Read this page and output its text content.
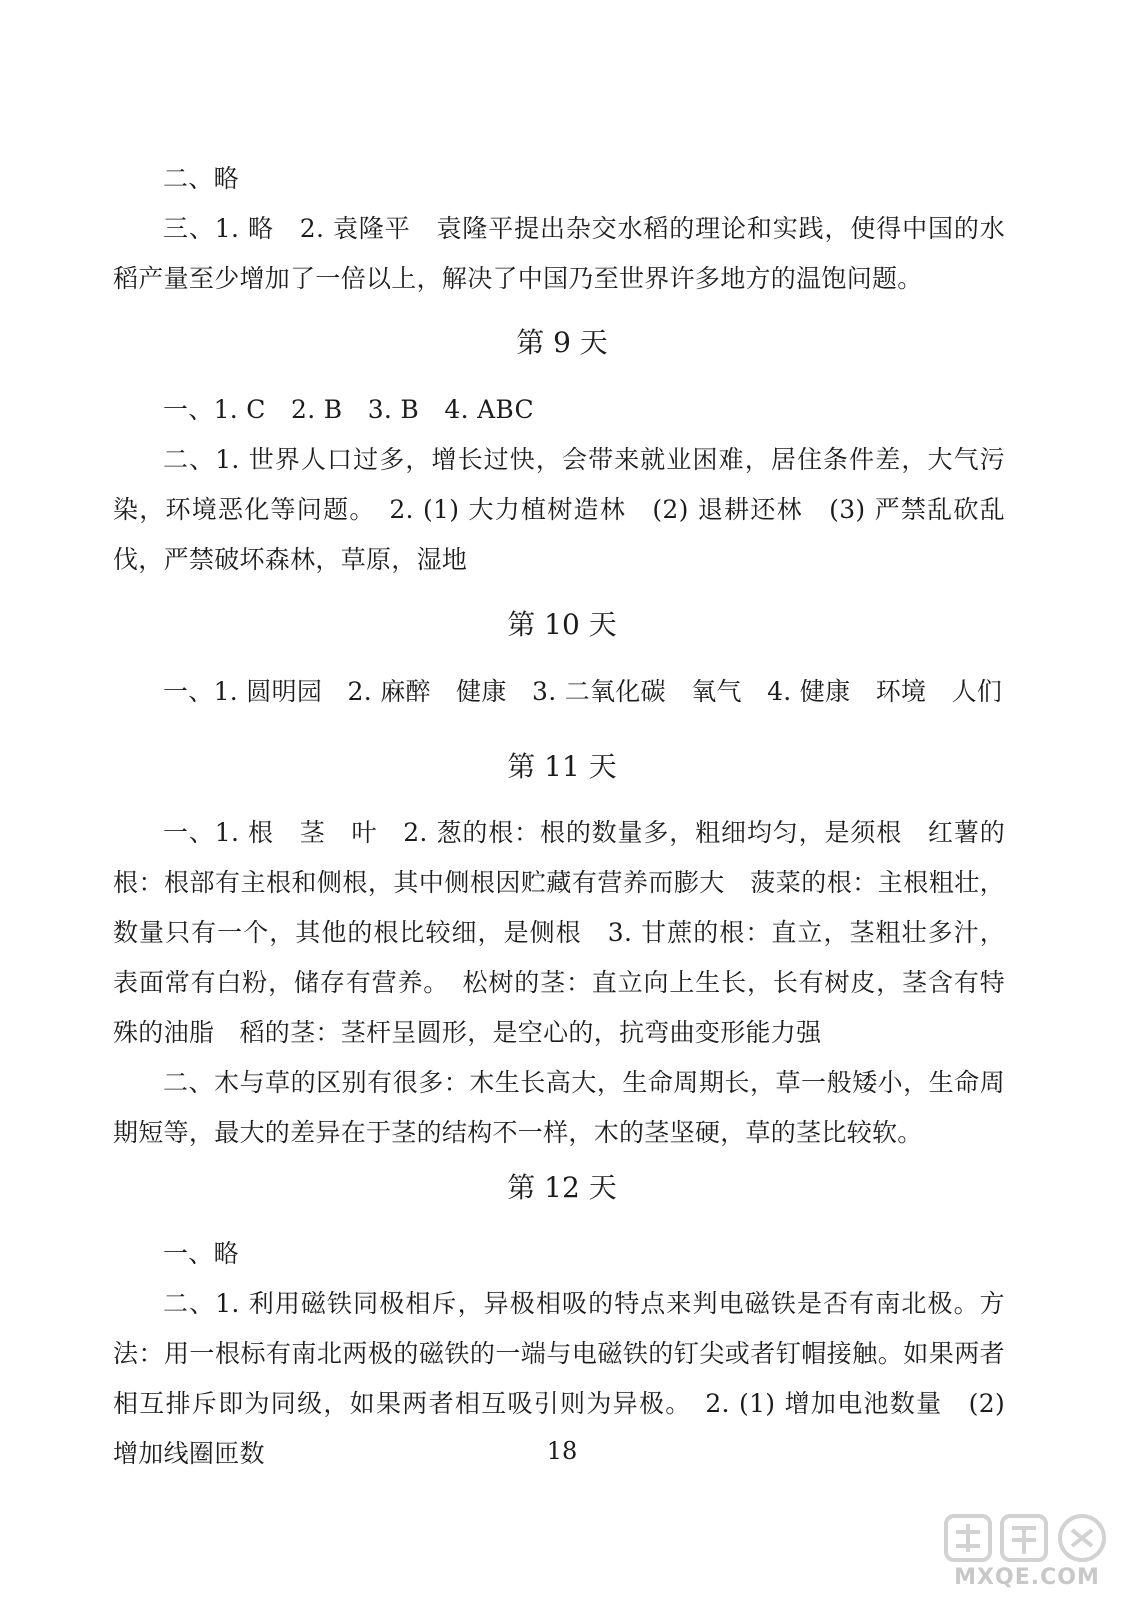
二、略

三、1. 略　2. 袁隆平　袁隆平提出杂交水稻的理论和实践，使得中国的水稻产量至少增加了一倍以上，解决了中国乃至世界许多地方的温饱问题。

第 9 天

一、1. C　2. B　3. B　4. ABC

二、1. 世界人口过多，增长过快，会带来就业困难，居住条件差，大气污染，环境恶化等问题。　2. (1) 大力植树造林　(2) 退耕还林　(3) 严禁乱砍乱伐，严禁破坏森林，草原，湿地

第 10 天

一、1. 圆明园　2. 麻醉　健康　3. 二氧化碳　氧气　4. 健康　环境　人们

第 11 天

一、1. 根　茎　叶　2. 葱的根：根的数量多，粗细均匀，是须根　红薯的根：根部有主根和侧根，其中侧根因贮藏有营养而膨大　菠菜的根：主根粗壮，数量只有一个，其他的根比较细，是侧根　3. 甘蔗的根：直立，茎粗壮多汁，表面常有白粉，储存有营养。　松树的茎：直立向上生长，长有树皮，茎含有特殊的油脂　稻的茎：茎杆呈圆形，是空心的，抗弯曲变形能力强

二、木与草的区别有很多：木生长高大，生命周期长，草一般矮小，生命周期短等，最大的差异在于茎的结构不一样，木的茎坚硬，草的茎比较软。

第 12 天

一、略

二、1. 利用磁铁同极相斥，异极相吸的特点来判电磁铁是否有南北极。方法：用一根标有南北两极的磁铁的一端与电磁铁的钉尖或者钉帽接触。如果两者相互排斥即为同级，如果两者相互吸引则为异极。　2. (1) 增加电池数量　(2) 增加线圈匝数	18
MXQE.COM
